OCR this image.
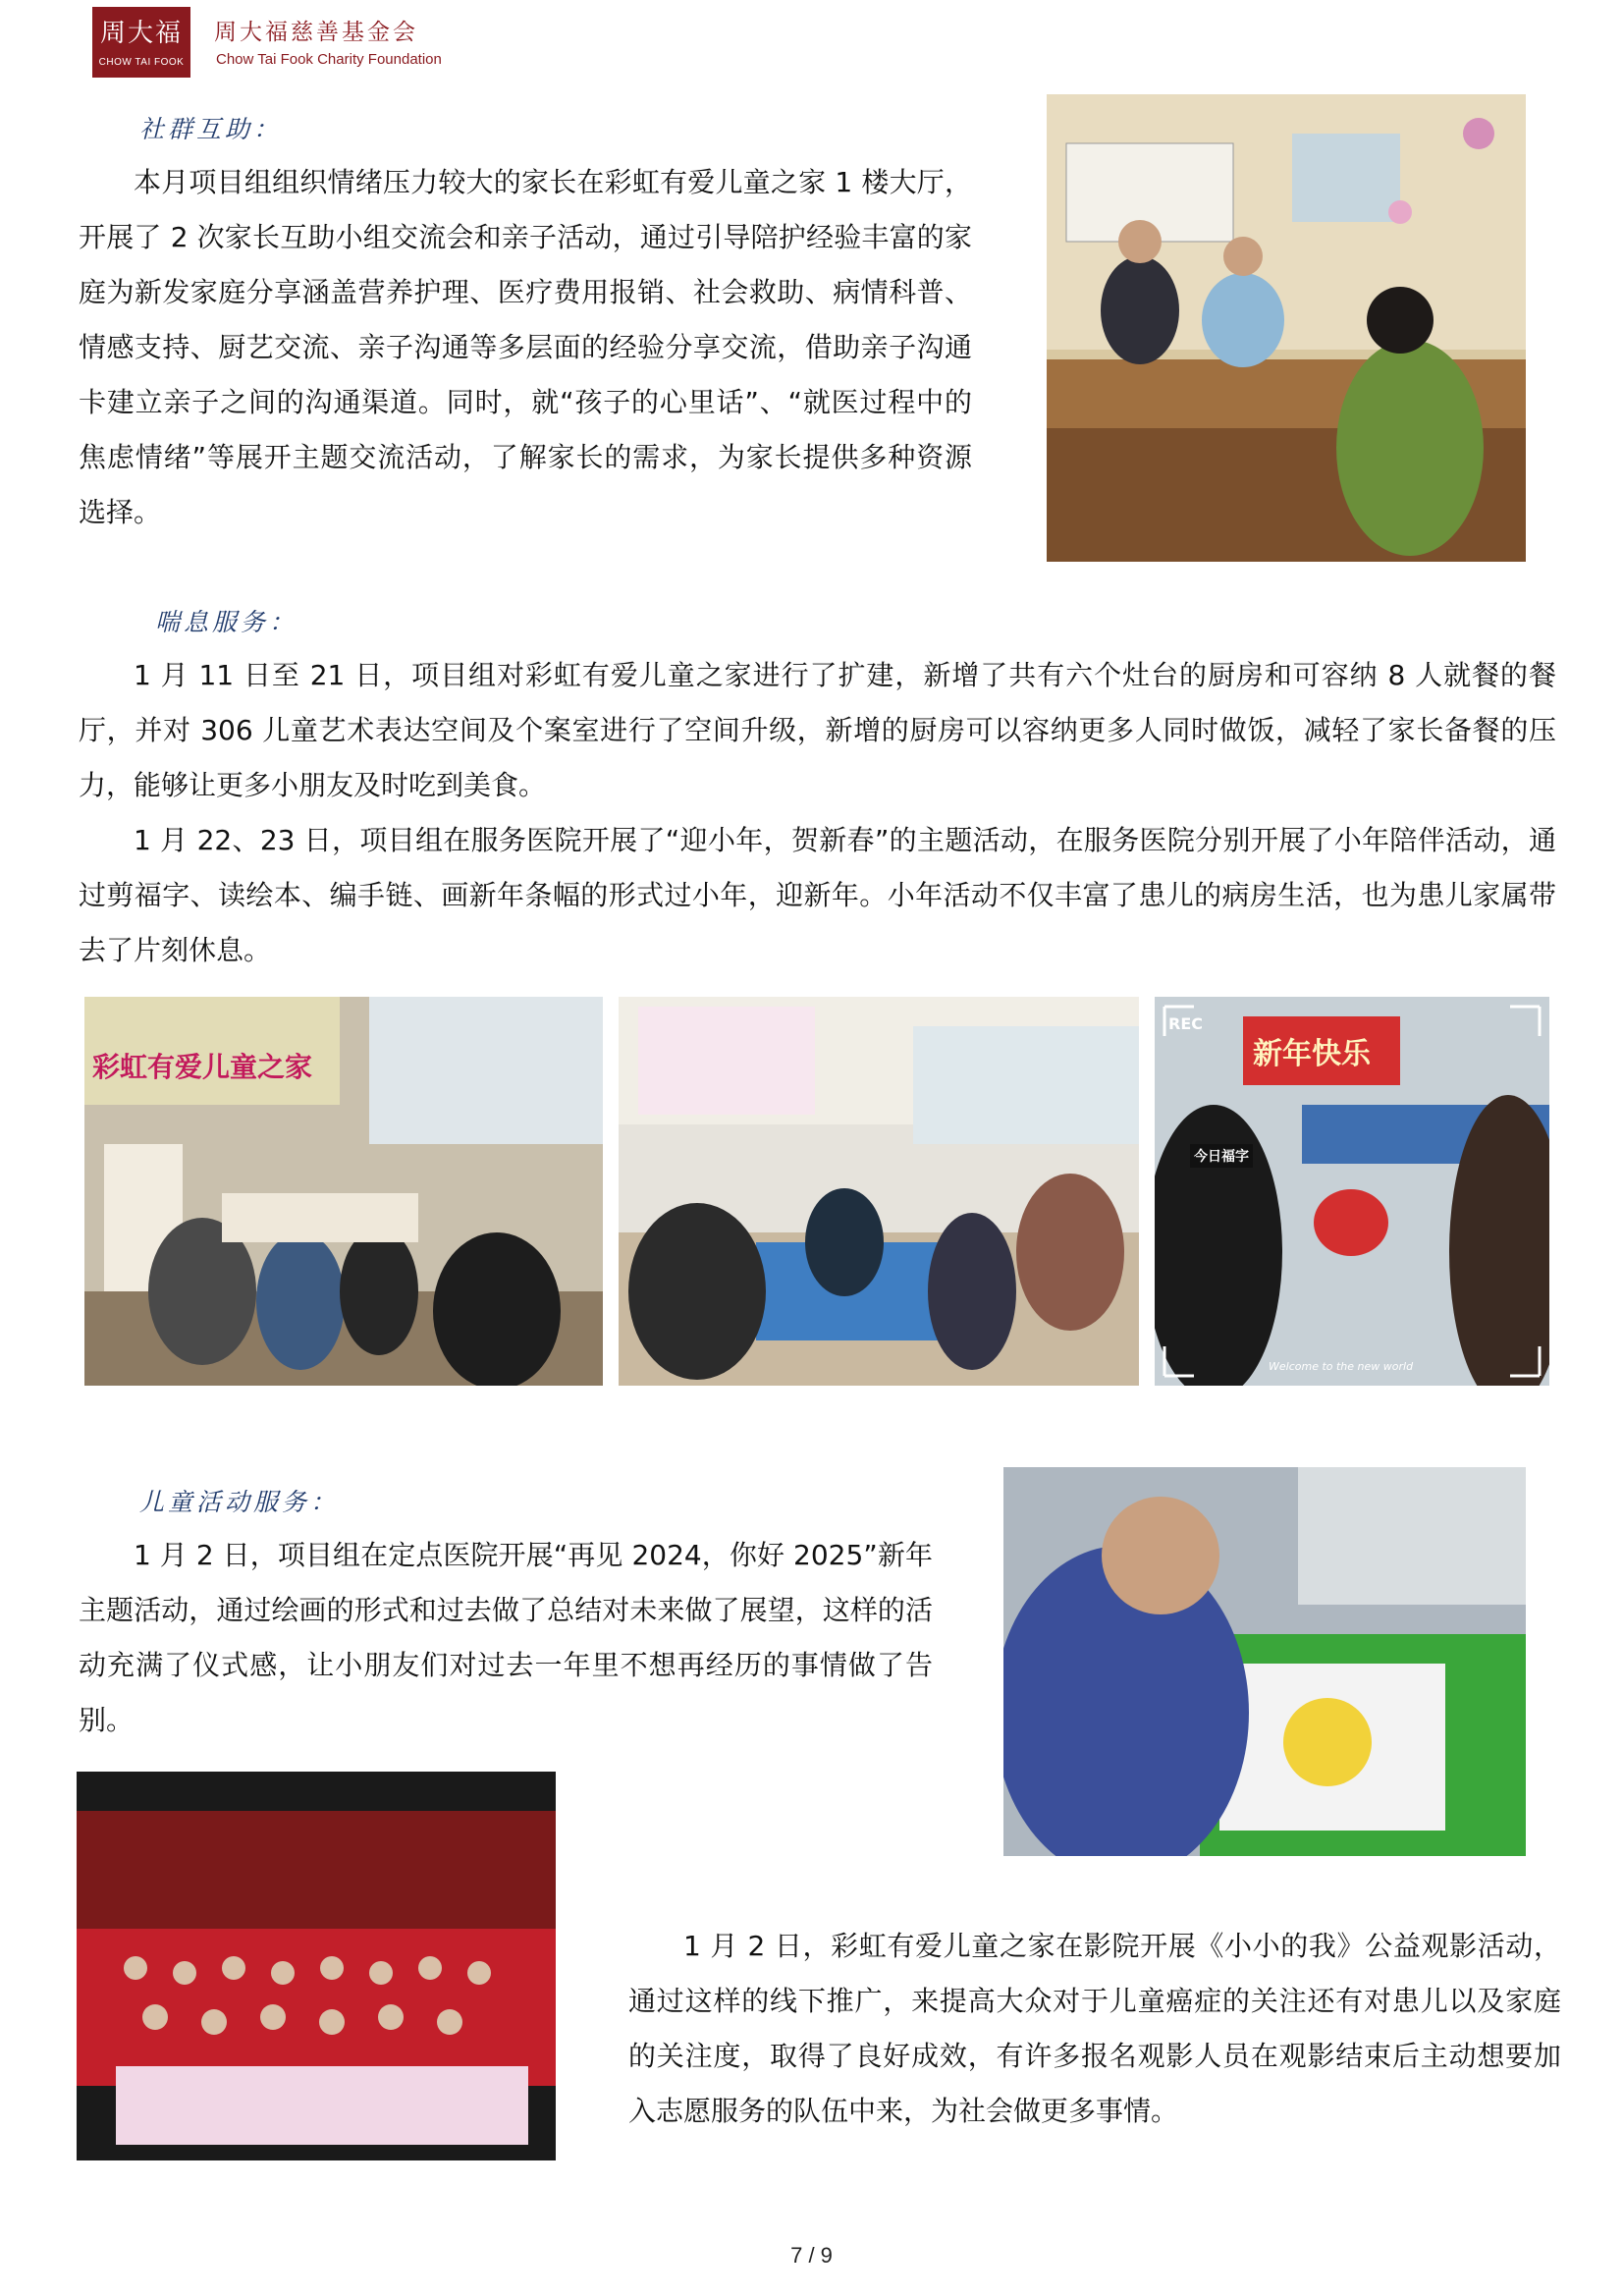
周大福
CHOW TAI FOOK
周大福慈善基金会
Chow Tai Fook Charity Foundation
社群互助：

本月项目组组织情绪压力较大的家长在彩虹有爱儿童之家 1 楼大厅，开展了 2 次家长互助小组交流会和亲子活动，通过引导陪护经验丰富的家庭为新发家庭分享涵盖营养护理、医疗费用报销、社会救助、病情科普、情感支持、厨艺交流、亲子沟通等多层面的经验分享交流，借助亲子沟通卡建立亲子之间的沟通渠道。同时，就“孩子的心里话”、“就医过程中的焦虑情绪”等展开主题交流活动，了解家长的需求，为家长提供多种资源选择。

喘息服务：

1 月 11 日至 21 日，项目组对彩虹有爱儿童之家进行了扩建，新增了共有六个灶台的厨房和可容纳 8 人就餐的餐厅，并对 306 儿童艺术表达空间及个案室进行了空间升级，新增的厨房可以容纳更多人同时做饭，减轻了家长备餐的压力，能够让更多小朋友及时吃到美食。

1 月 22、23 日，项目组在服务医院开展了“迎小年，贺新春”的主题活动，在服务医院分别开展了小年陪伴活动，通过剪福字、读绘本、编手链、画新年条幅的形式过小年，迎新年。小年活动不仅丰富了患儿的病房生活，也为患儿家属带去了片刻休息。

彩虹有爱儿童之家
REC
新年快乐
今日福字
Welcome to the new world
儿童活动服务：

1 月 2 日，项目组在定点医院开展“再见 2024，你好 2025”新年主题活动，通过绘画的形式和过去做了总结对未来做了展望，这样的活动充满了仪式感，让小朋友们对过去一年里不想再经历的事情做了告别。

1 月 2 日，彩虹有爱儿童之家在影院开展《小小的我》公益观影活动，通过这样的线下推广，来提高大众对于儿童癌症的关注还有对患儿以及家庭的关注度，取得了良好成效，有许多报名观影人员在观影结束后主动想要加入志愿服务的队伍中来，为社会做更多事情。

7 / 9
